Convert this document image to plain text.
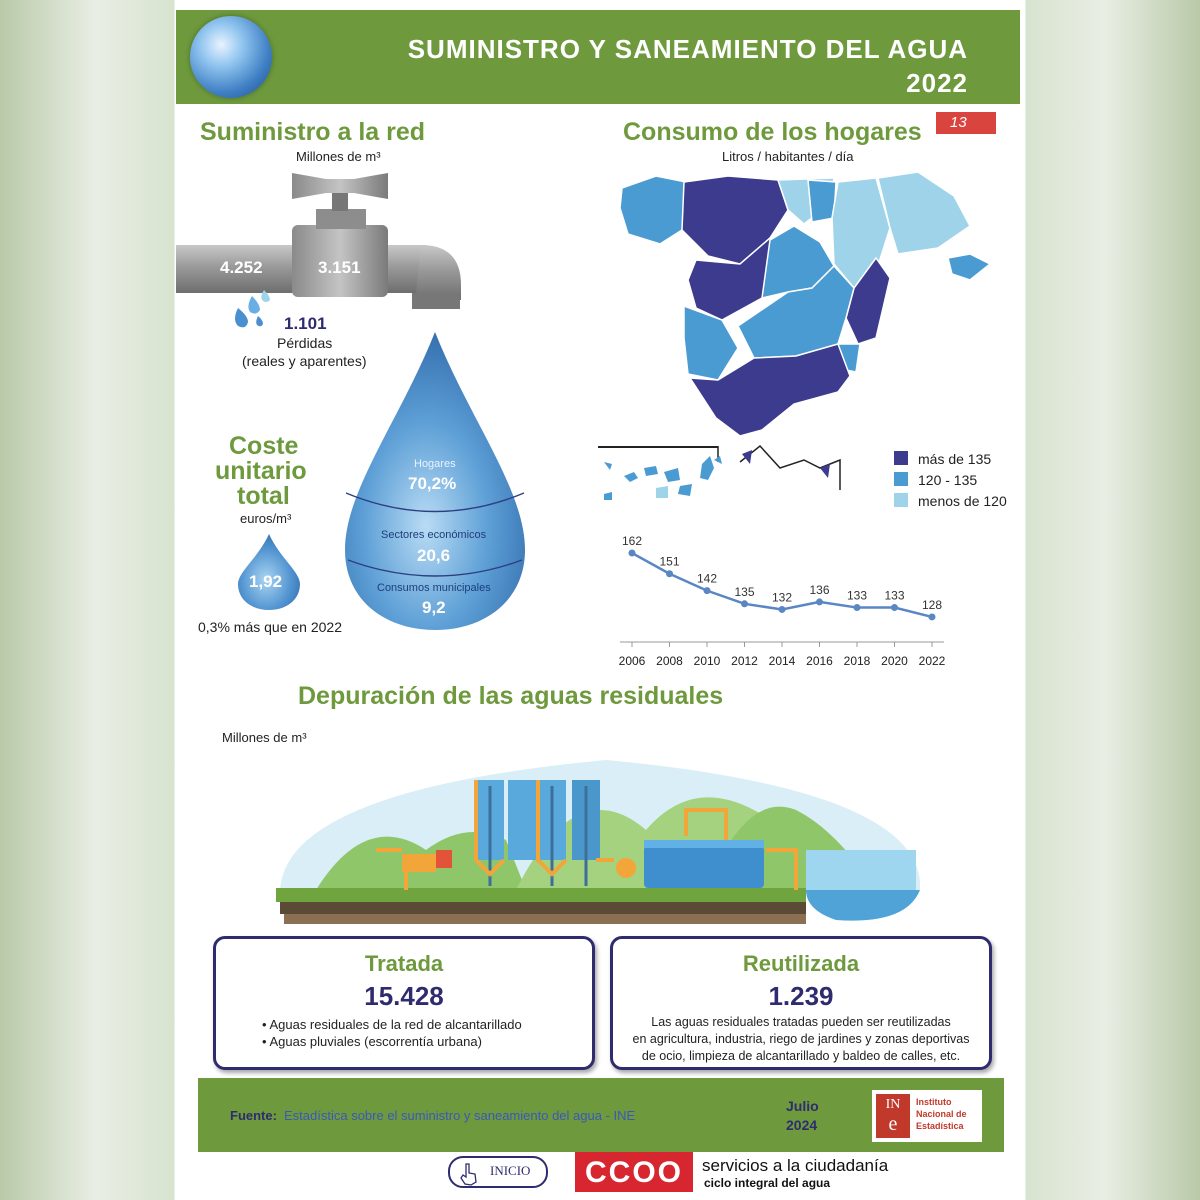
SUMINISTRO Y SANEAMIENTO DEL AGUA
2022
Suministro a la red
Millones de m³
4.252	3.151
1.101
Pérdidas
(reales y aparentes)
Hogares
70,2%
Sectores económicos
20,6
Consumos municipales
9,2
Coste
unitario
total
euros/m³
1,92
0,3% más que en 2022
Consumo de los hogares 13
Litros / habitantes / día
más de 135
120 - 135
menos de 120
162
2006
151
2008
142
2010
135
2012
132
2014
136
2016
133
2018
133
2020
128
2022
Depuración de las aguas residuales
Millones de m³
Tratada
15.428
• Aguas residuales de la red de alcantarillado
• Aguas pluviales (escorrentía urbana)
Reutilizada
1.239
Las aguas residuales tratadas pueden ser reutilizadas
en agricultura, industria, riego de jardines y zonas deportivas
de ocio, limpieza de alcantarillado y baldeo de calles, etc.
Fuente: Estadística sobre el suministro y saneamiento del agua - INE
Julio
2024
IN
e
Instituto
Nacional de
Estadística
INICIO	CCOO	servicios a la ciudadanía
ciclo integral del agua
